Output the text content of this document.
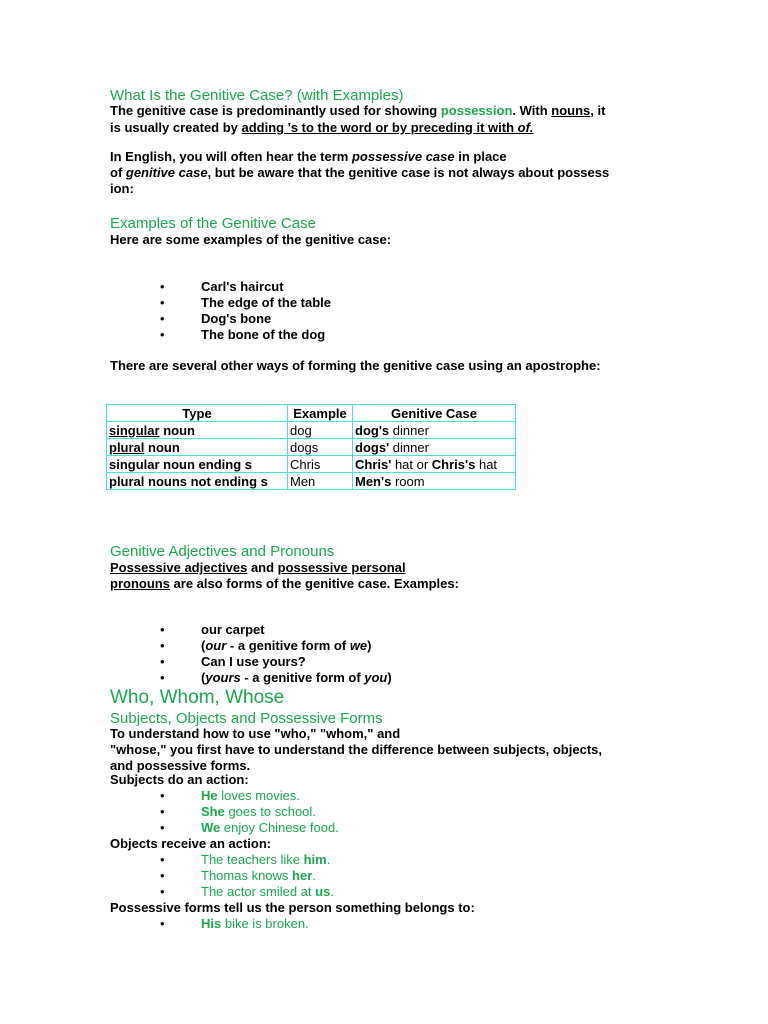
What Is the Genitive Case? (with Examples)
The genitive case is predominantly used for showing possession. With nouns, it
is usually created by adding 's to the word or by preceding it with of.
In English, you will often hear the term possessive case in place
of genitive case, but be aware that the genitive case is not always about possess
ion:
Examples of the Genitive Case
Here are some examples of the genitive case:
•	Carl's haircut
•	The edge of the table
•	Dog's bone
•	The bone of the dog
There are several other ways of forming the genitive case using an apostrophe:
Type	Example	Genitive Case
singular noun	dog	dog's dinner
plural noun	dogs	dogs' dinner
singular noun ending s	Chris	Chris' hat or Chris's hat
plural nouns not ending s	Men	Men's room
Genitive Adjectives and Pronouns
Possessive adjectives and possessive personal
pronouns are also forms of the genitive case. Examples:
•	our carpet
•	(our - a genitive form of we)
•	Can I use yours?
•	(yours - a genitive form of you)
Who, Whom, Whose
Subjects, Objects and Possessive Forms
To understand how to use "who," "whom," and
"whose," you first have to understand the difference between subjects, objects,
and possessive forms.
Subjects do an action:
•	He loves movies.
•	She goes to school.
•	We enjoy Chinese food.
Objects receive an action:
•	The teachers like him.
•	Thomas knows her.
•	The actor smiled at us.
Possessive forms tell us the person something belongs to:
•	His bike is broken.
